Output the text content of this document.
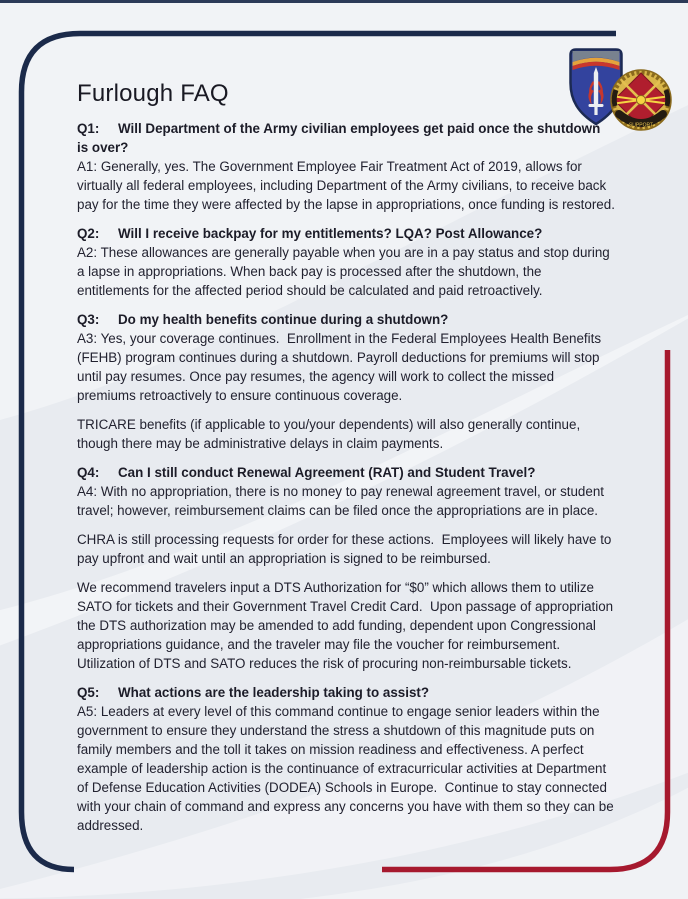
Furlough FAQ
SUPPORT

Q1: Will Department of the Army civilian employees get paid once the shutdown is over?

A1: Generally, yes. The Government Employee Fair Treatment Act of 2019, allows for virtually all federal employees, including Department of the Army civilians, to receive back pay for the time they were affected by the lapse in appropriations, once funding is restored.

Q2: Will I receive backpay for my entitlements? LQA? Post Allowance?

A2: These allowances are generally payable when you are in a pay status and stop during a lapse in appropriations. When back pay is processed after the shutdown, the entitlements for the affected period should be calculated and paid retroactively.

Q3: Do my health benefits continue during a shutdown?

A3: Yes, your coverage continues.  Enrollment in the Federal Employees Health Benefits (FEHB) program continues during a shutdown. Payroll deductions for premiums will stop until pay resumes. Once pay resumes, the agency will work to collect the missed premiums retroactively to ensure continuous coverage.

TRICARE benefits (if applicable to you/your dependents) will also generally continue, though there may be administrative delays in claim payments.

Q4: Can I still conduct Renewal Agreement (RAT) and Student Travel?

A4: With no appropriation, there is no money to pay renewal agreement travel, or student travel; however, reimbursement claims can be filed once the appropriations are in place.

CHRA is still processing requests for order for these actions.  Employees will likely have to pay upfront and wait until an appropriation is signed to be reimbursed.

We recommend travelers input a DTS Authorization for “$0” which allows them to utilize SATO for tickets and their Government Travel Credit Card.  Upon passage of appropriation the DTS authorization may be amended to add funding, dependent upon Congressional appropriations guidance, and the traveler may file the voucher for reimbursement. Utilization of DTS and SATO reduces the risk of procuring non-reimbursable tickets.

Q5: What actions are the leadership taking to assist?

A5: Leaders at every level of this command continue to engage senior leaders within the government to ensure they understand the stress a shutdown of this magnitude puts on family members and the toll it takes on mission readiness and effectiveness. A perfect example of leadership action is the continuance of extracurricular activities at Department of Defense Education Activities (DODEA) Schools in Europe.  Continue to stay connected with your chain of command and express any concerns you have with them so they can be addressed.
